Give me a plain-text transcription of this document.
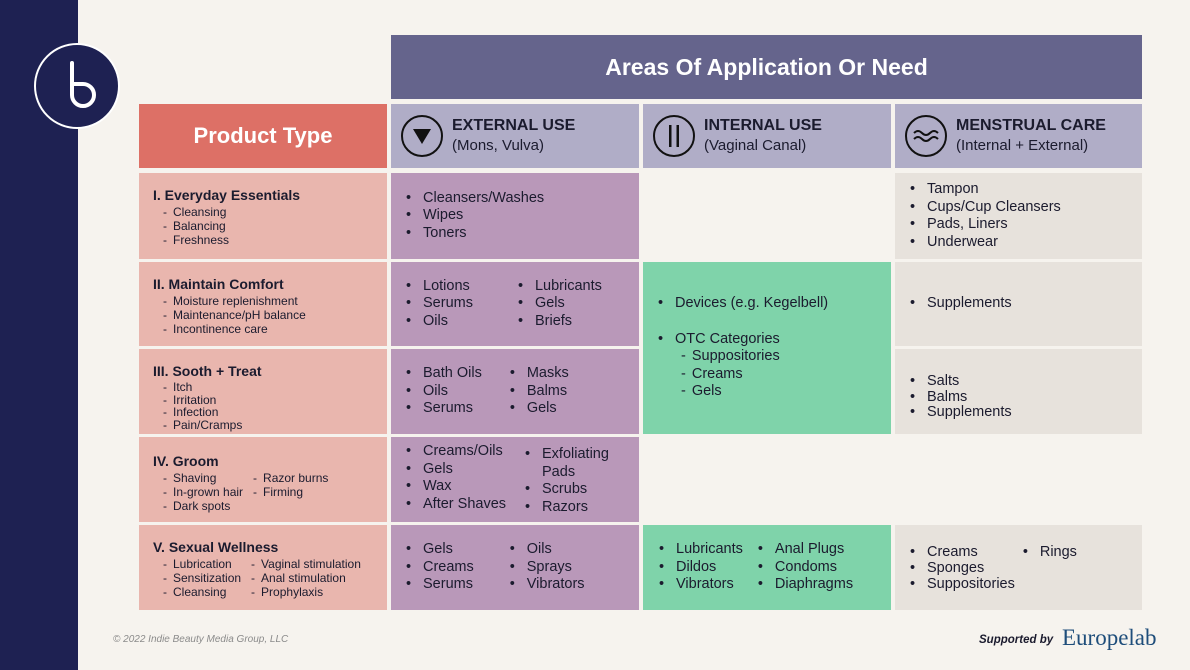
Areas Of Application Or Need
Product Type	EXTERNAL USE
(Mons, Vulva)
INTERNAL USE
(Vaginal Canal)
MENSTRUAL CARE
(Internal + External)
I. Everyday Essentials
- Cleansing
- Balancing
- Freshness
• Cleansers/Washes
• Wipes
• Toners
• Tampon
• Cups/Cup Cleansers
• Pads, Liners
• Underwear
II. Maintain Comfort
- Moisture replenishment
- Maintenance/pH balance
- Incontinence care
• Lotions
• Serums
• Oils
• Lubricants
• Gels
• Briefs
• Supplements
• Devices (e.g. Kegelbell)
• OTC Categories
- Suppositories
- Creams
- Gels
III. Sooth + Treat
- Itch
- Irritation
- Infection
- Pain/Cramps
• Bath Oils
• Oils
• Serums
• Masks
• Balms
• Gels
• Salts
• Balms
• Supplements
IV. Groom
- Shaving
- In-grown hair
- Dark spots
- Razor burns
- Firming
• Creams/Oils
• Gels
• Wax
• After Shaves
• Exfoliating Pads
• Scrubs
• Razors
V. Sexual Wellness
- Lubrication
- Sensitization
- Cleansing
- Vaginal stimulation
- Anal stimulation
- Prophylaxis
• Gels
• Creams
• Serums
• Oils
• Sprays
• Vibrators
• Lubricants
• Dildos
• Vibrators
• Anal Plugs
• Condoms
• Diaphragms
• Creams
• Sponges
• Suppositories
• Rings
© 2022 Indie Beauty Media Group, LLC	Supported by Europelab
